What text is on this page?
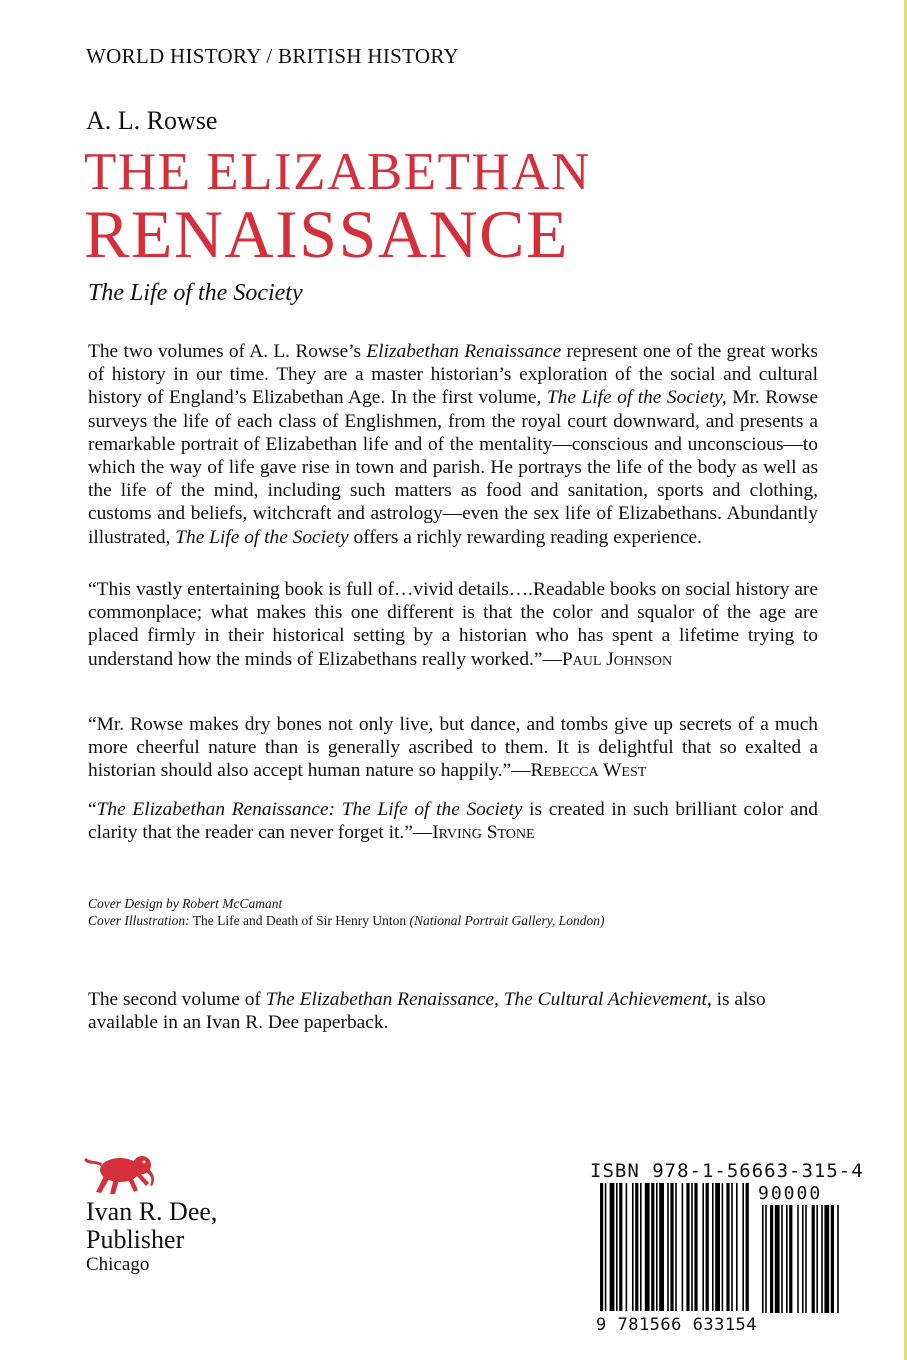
WORLD HISTORY / BRITISH HISTORY
A. L. Rowse
THE ELIZABETHAN
RENAISSANCE
The Life of the Society

The two volumes of A. L. Rowse’s Elizabethan Renaissance represent one of the great works of history in our time. They are a master historian’s exploration of the social and cultural history of England’s Elizabethan Age. In the first volume, The Life of the Society, Mr. Rowse surveys the life of each class of Englishmen, from the royal court downward, and presents a remarkable portrait of Elizabethan life and of the mentality—conscious and unconscious—to which the way of life gave rise in town and parish. He portrays the life of the body as well as the life of the mind, including such matters as food and sanitation, sports and clothing, customs and beliefs, witchcraft and astrology—even the sex life of Elizabethans. Abundantly illustrated, The Life of the Society offers a richly rewarding reading experience.

“This vastly entertaining book is full of…vivid details….Readable books on social history are commonplace; what makes this one different is that the color and squalor of the age are placed firmly in their historical setting by a historian who has spent a lifetime trying to understand how the minds of Elizabethans really worked.”—Paul Johnson

“Mr. Rowse makes dry bones not only live, but dance, and tombs give up secrets of a much more cheerful nature than is generally ascribed to them. It is delightful that so exalted a historian should also accept human nature so happily.”—Rebecca West

“The Elizabethan Renaissance: The Life of the Society is created in such brilliant color and clarity that the reader can never forget it.”—Irving Stone

Cover Design by Robert McCamant
Cover Illustration: The Life and Death of Sir Henry Unton (National Portrait Gallery, London)

The second volume of The Elizabethan Renaissance, The Cultural Achievement, is also available in an Ivan R. Dee paperback.

Ivan R. Dee,
Publisher
Chicago
ISBN 978-1-56663-315-4
90000
9 781566 633154
